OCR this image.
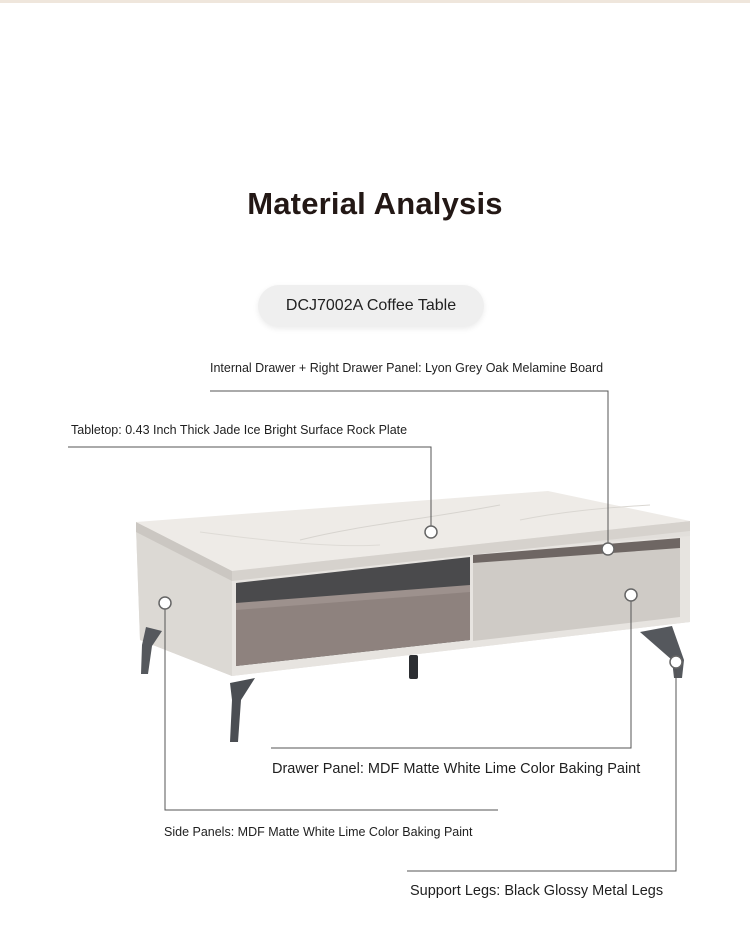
Material Analysis
DCJ7002A Coffee Table
Internal Drawer + Right Drawer Panel: Lyon Grey Oak Melamine Board
Tabletop: 0.43 Inch Thick Jade Ice Bright Surface Rock Plate
Drawer Panel: MDF Matte White Lime Color Baking Paint
Side Panels: MDF Matte White Lime Color Baking Paint
Support Legs: Black Glossy Metal Legs
